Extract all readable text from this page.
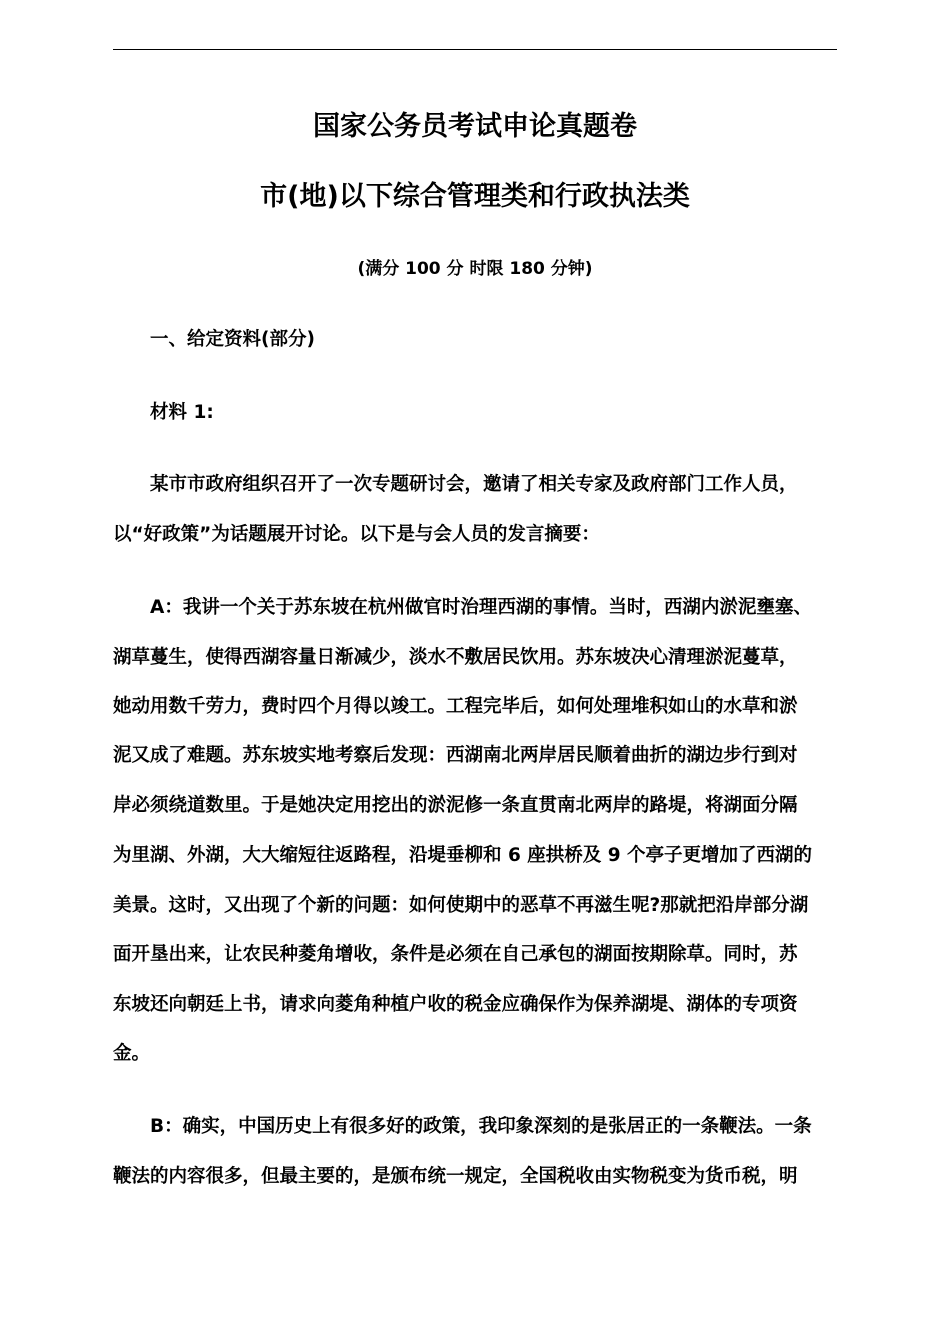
国家公务员考试申论真题卷
市(地)以下综合管理类和行政执法类
(满分 100 分 时限 180 分钟)
一、给定资料(部分)
材料 1:
某市市政府组织召开了一次专题研讨会，邀请了相关专家及政府部门工作人员，
以“好政策”为话题展开讨论。以下是与会人员的发言摘要：
A：我讲一个关于苏东坡在杭州做官时治理西湖的事情。当时，西湖内淤泥壅塞、
湖草蔓生，使得西湖容量日渐减少，淡水不敷居民饮用。苏东坡决心清理淤泥蔓草，
她动用数千劳力，费时四个月得以竣工。工程完毕后，如何处理堆积如山的水草和淤
泥又成了难题。苏东坡实地考察后发现：西湖南北两岸居民顺着曲折的湖边步行到对
岸必须绕道数里。于是她决定用挖出的淤泥修一条直贯南北两岸的路堤，将湖面分隔
为里湖、外湖，大大缩短往返路程，沿堤垂柳和 6 座拱桥及 9 个亭子更增加了西湖的
美景。这时，又出现了个新的问题：如何使期中的恶草不再滋生呢?那就把沿岸部分湖
面开垦出来，让农民种菱角增收，条件是必须在自己承包的湖面按期除草。同时，苏
东坡还向朝廷上书，请求向菱角种植户收的税金应确保作为保养湖堤、湖体的专项资
金。
B：确实，中国历史上有很多好的政策，我印象深刻的是张居正的一条鞭法。一条
鞭法的内容很多，但最主要的，是颁布统一规定，全国税收由实物税变为货币税，明
